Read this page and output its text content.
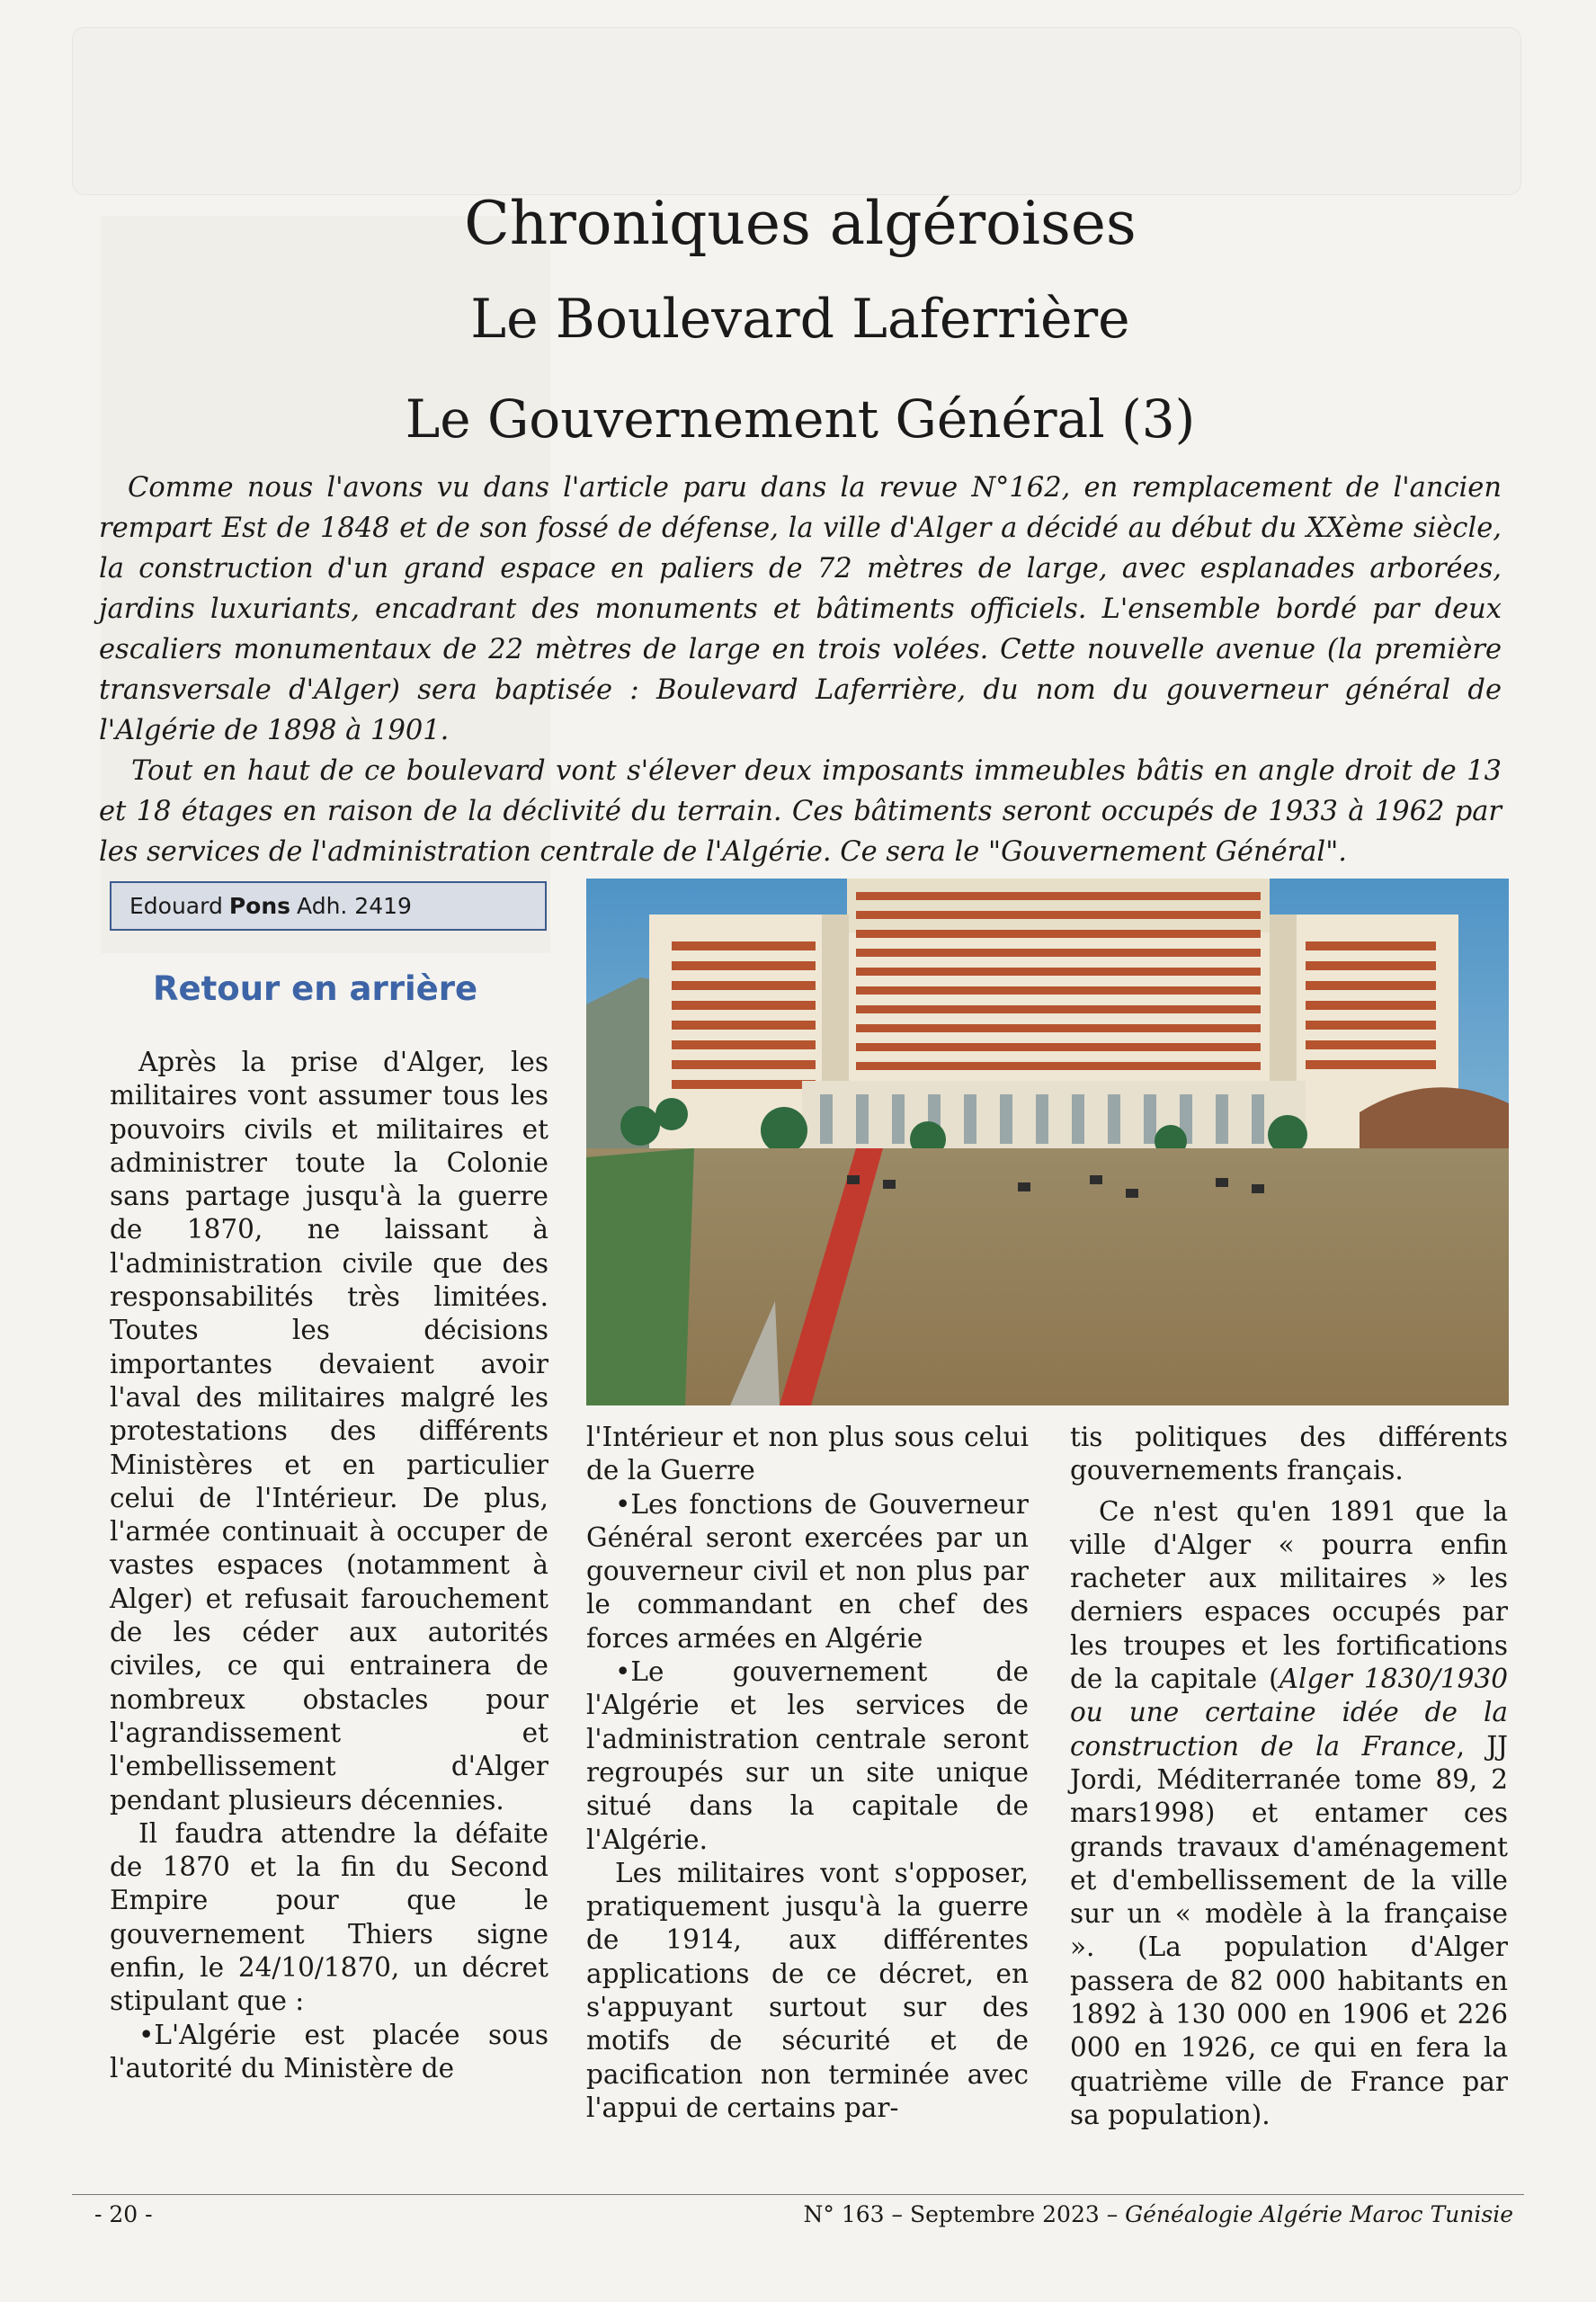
Chroniques algéroises
Le Boulevard Laferrière
Le Gouvernement Général (3)

Comme nous l'avons vu dans l'article paru dans la revue N°162, en remplacement de l'ancien rempart Est de 1848 et de son fossé de défense, la ville d'Alger a décidé au début du XXème siècle, la construction d'un grand espace en paliers de 72 mètres de large, avec esplanades arborées, jardins luxuriants, encadrant des monuments et bâtiments officiels. L'ensemble bordé par deux escaliers monumentaux de 22 mètres de large en trois volées. Cette nouvelle avenue (la première transversale d'Alger) sera baptisée : Boulevard Laferrière, du nom du gouverneur général de l'Algérie de 1898 à 1901.

Tout en haut de ce boulevard vont s'élever deux imposants immeubles bâtis en angle droit de 13 et 18 étages en raison de la déclivité du terrain. Ces bâtiments seront occupés de 1933 à 1962 par les services de l'administration centrale de l'Algérie. Ce sera le "Gouvernement Général".

Edouard Pons Adh. 2419
Retour en arrière

Après la prise d'Alger, les militaires vont assumer tous les pouvoirs civils et militaires et administrer toute la Colonie sans partage jusqu'à la guerre de 1870, ne laissant à l'administration civile que des responsabilités très limitées. Toutes les décisions importantes devaient avoir l'aval des militaires malgré les protestations des différents Ministères et en particulier celui de l'Intérieur. De plus, l'armée continuait à occuper de vastes espaces (notamment à Alger) et refusait farouchement de les céder aux autorités civiles, ce qui entrainera de nombreux obstacles pour l'agrandissement et l'embellissement d'Alger pendant plusieurs décennies.

Il faudra attendre la défaite de 1870 et la fin du Second Empire pour que le gouvernement Thiers signe enfin, le 24/10/1870, un décret stipulant que :

•L'Algérie est placée sous l'autorité du Ministère de

l'Intérieur et non plus sous celui de la Guerre

•Les fonctions de Gouverneur Général seront exercées par un gouverneur civil et non plus par le commandant en chef des forces armées en Algérie

•Le gouvernement de l'Algérie et les services de l'administration centrale seront regroupés sur un site unique situé dans la capitale de l'Algérie.

Les militaires vont s'opposer, pratiquement jusqu'à la guerre de 1914, aux différentes applications de ce décret, en s'appuyant surtout sur des motifs de sécurité et de pacification non terminée avec l'appui de certains par-

tis politiques des différents gouvernements français.

Ce n'est qu'en 1891 que la ville d'Alger « pourra enfin racheter aux militaires » les derniers espaces occupés par les troupes et les fortifications de la capitale (Alger 1830/1930 ou une certaine idée de la construction de la France, JJ Jordi, Méditerranée tome 89, 2 mars1998) et entamer ces grands travaux d'aménagement et d'embellissement de la ville sur un « modèle à la française ». (La population d'Alger passera de 82 000 habitants en 1892 à 130 000 en 1906 et 226 000 en 1926, ce qui en fera la quatrième ville de France par sa population).

- 20 -	N° 163 – Septembre 2023 – Généalogie Algérie Maroc Tunisie
